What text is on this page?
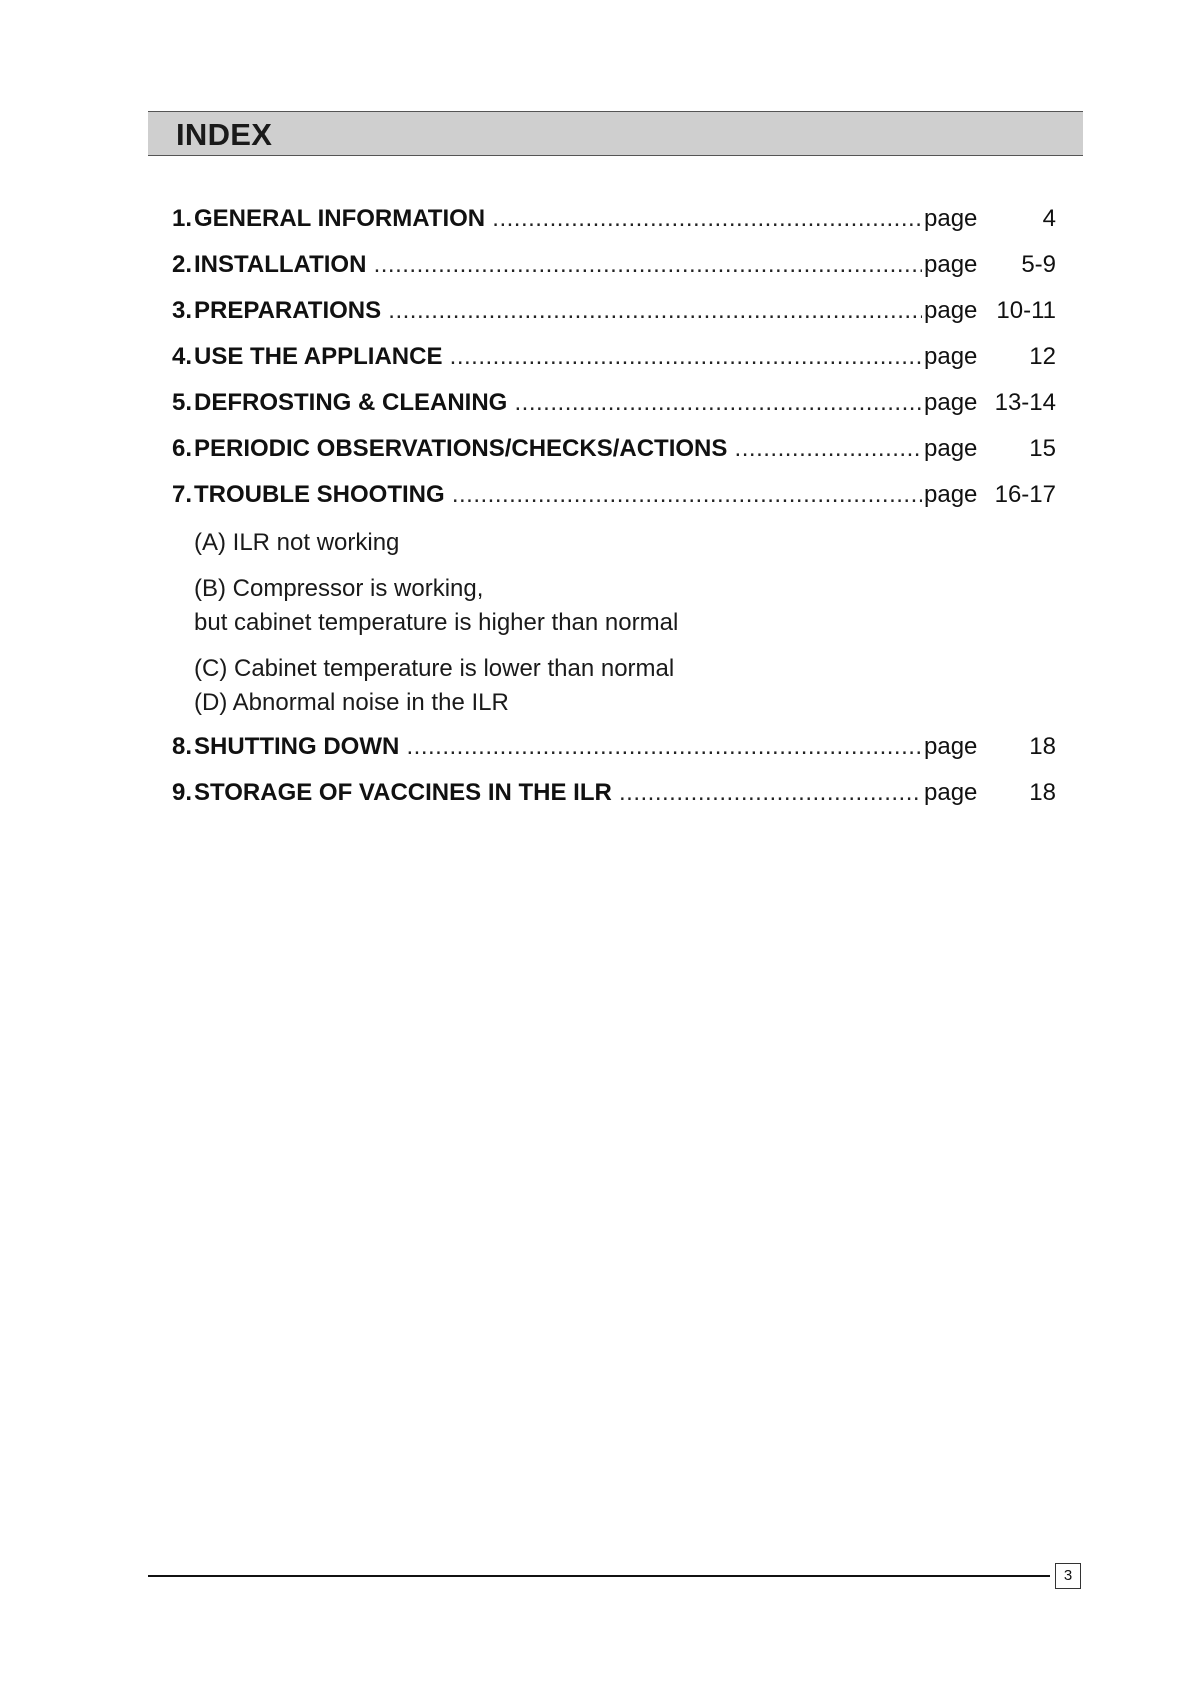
INDEX
1. GENERAL INFORMATION .....	page	4
2. INSTALLATION .....	page	5-9
3. PREPARATIONS .....	page 10-11
4. USE THE APPLIANCE .....	page	12
5. DEFROSTING & CLEANING .....	page 13-14
6. PERIODIC OBSERVATIONS/CHECKS/ACTIONS .....	page	15
7. TROUBLE SHOOTING .....	page 16-17
(A) ILR not working
(B) Compressor is working,
but cabinet temperature is higher than normal
(C) Cabinet temperature is lower than normal
(D) Abnormal noise in the ILR
8. SHUTTING DOWN .....	page	18
9. STORAGE OF VACCINES IN THE ILR .....	page	18
3
